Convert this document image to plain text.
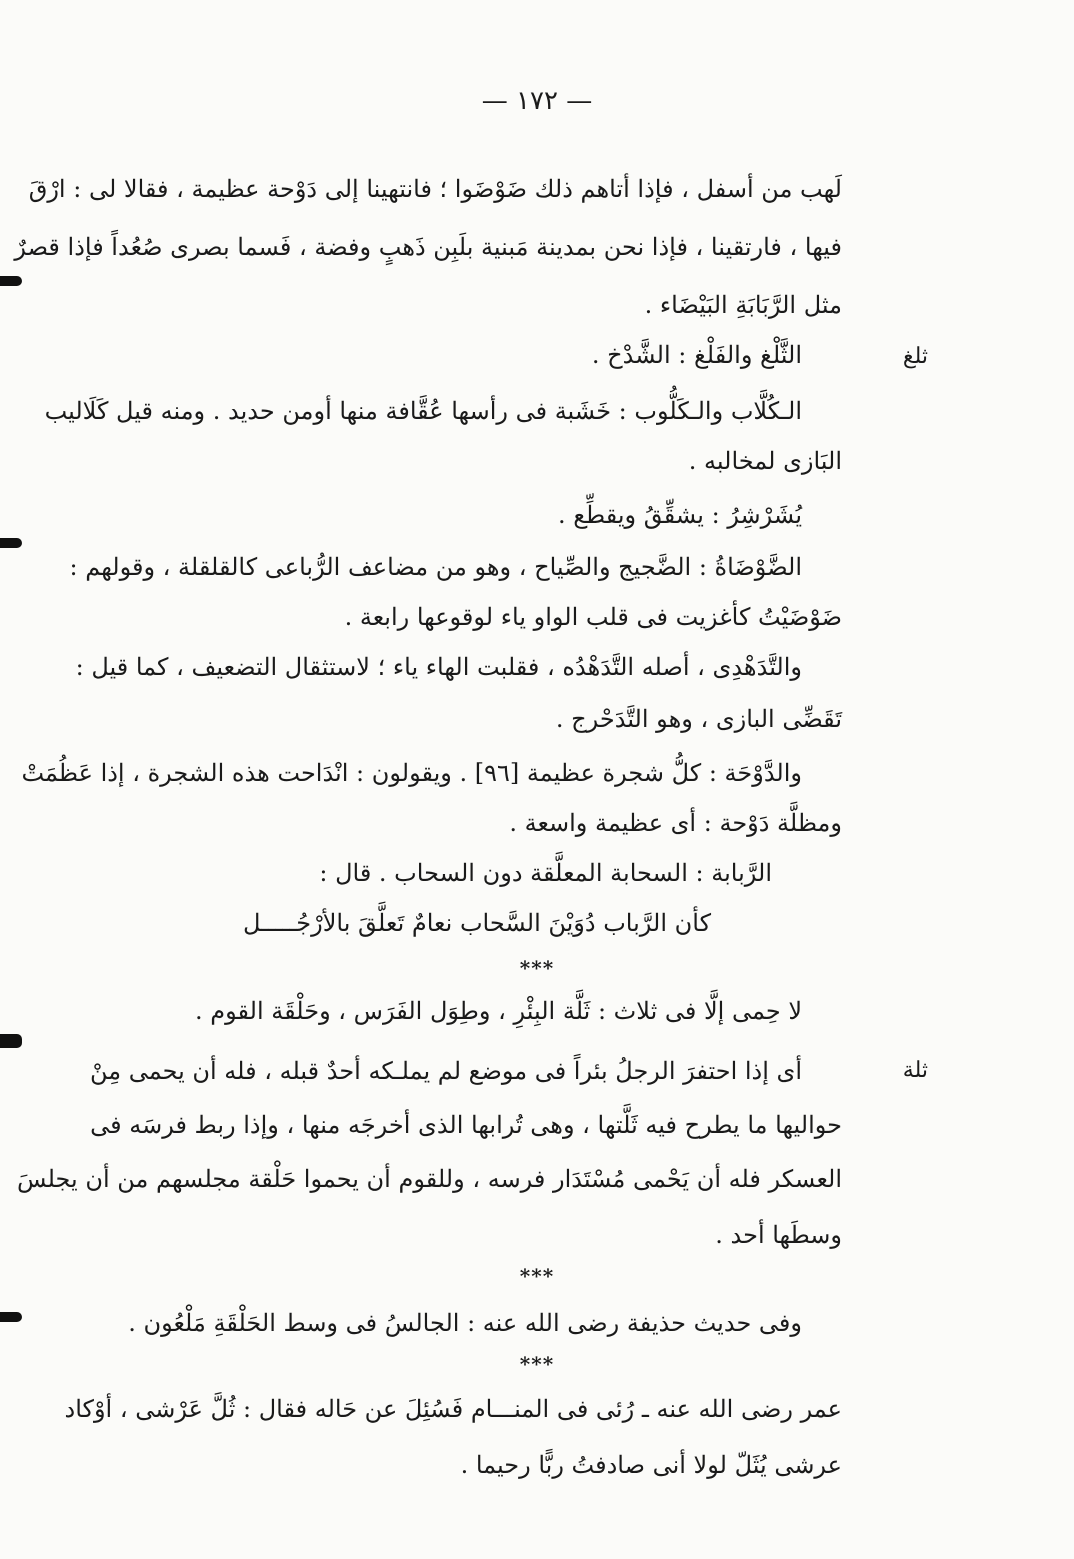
— ١٧٢ —
ثلغ
ثلة
لَهب من أسفل ، فإذا أتاهم ذلك ضَوْضَوا ؛ فانتهينا إلى دَوْحة عظيمة ، فقالا لى : ارْقَ
فيها ، فارتقينا ، فإذا نحن بمدينة مَبنية بلَبِن ذَهبٍ وفضة ، فَسما بصرى صُعُداً فإذا قصرٌ
مثل الرَّبَابَةِ البَيْضَاء .
الثَّلْغ والفَلْغ : الشَّدْخ .
الـكُلَّاب والـكَلُّوب : خَشَبة فى رأسها عُقَّافة منها أومن حديد . ومنه قيل كَلَاليب
البَازى لمخالبه .
يُشَرْشِرُ : يشقِّقُ ويقطِّع .
الضَّوْضَاةُ : الضَّجيج والصِّياح ، وهو من مضاعف الرُّباعى كالقلقلة ، وقولهم :
ضَوْضَيْتُ كأغزيت فى قلب الواو ياء لوقوعها رابعة .
والتَّدَهْدِى ، أصله التَّدَهْدُه ، فقلبت الهاء ياء ؛ لاستثقال التضعيف ، كما قيل :
تَقَضِّى البازى ، وهو التَّدَحْرج .
والدَّوْحَة : كلُّ شجرة عظيمة [٩٦] . ويقولون : انْدَاحت هذه الشجرة ، إذا عَظُمَتْ
ومظلَّة دَوْحة : أى عظيمة واسعة .
الرَّبابة : السحابة المعلَّقة دون السحاب . قال :
كأن الرَّباب دُوَيْنَ السَّحاب نعامٌ تَعلَّقَ بالأرْجُـــــل
***
لا حِمى إلَّا فى ثلاث : ثَلَّة البِئْرِ ، وطِوَل الفَرَس ، وحَلْقَة القوم .
أى إذا احتفرَ الرجلُ بئراً فى موضع لم يملـكه أحدٌ قبله ، فله أن يحمى مِنْ
حواليها ما يطرح فيه ثَلَّتها ، وهى تُرابها الذى أخرجَه منها ، وإذا ربط فرسَه فى
العسكر فله أن يَحْمى مُسْتَدَار فرسه ، وللقوم أن يحموا حَلْقة مجلسهم من أن يجلسَ
وسطَها أحد .
***
وفى حديث حذيفة رضى الله عنه : الجالسُ فى وسط الحَلْقَةِ مَلْعُون .
***
عمر رضى الله عنه ـ رُئى فى المنـــام فَسُئِلَ عن حَاله فقال : ثُلَّ عَرْشى ، أوْكاد
عرشى يُثَلّ لولا أنى صادفتُ ربًّا رحيما .
